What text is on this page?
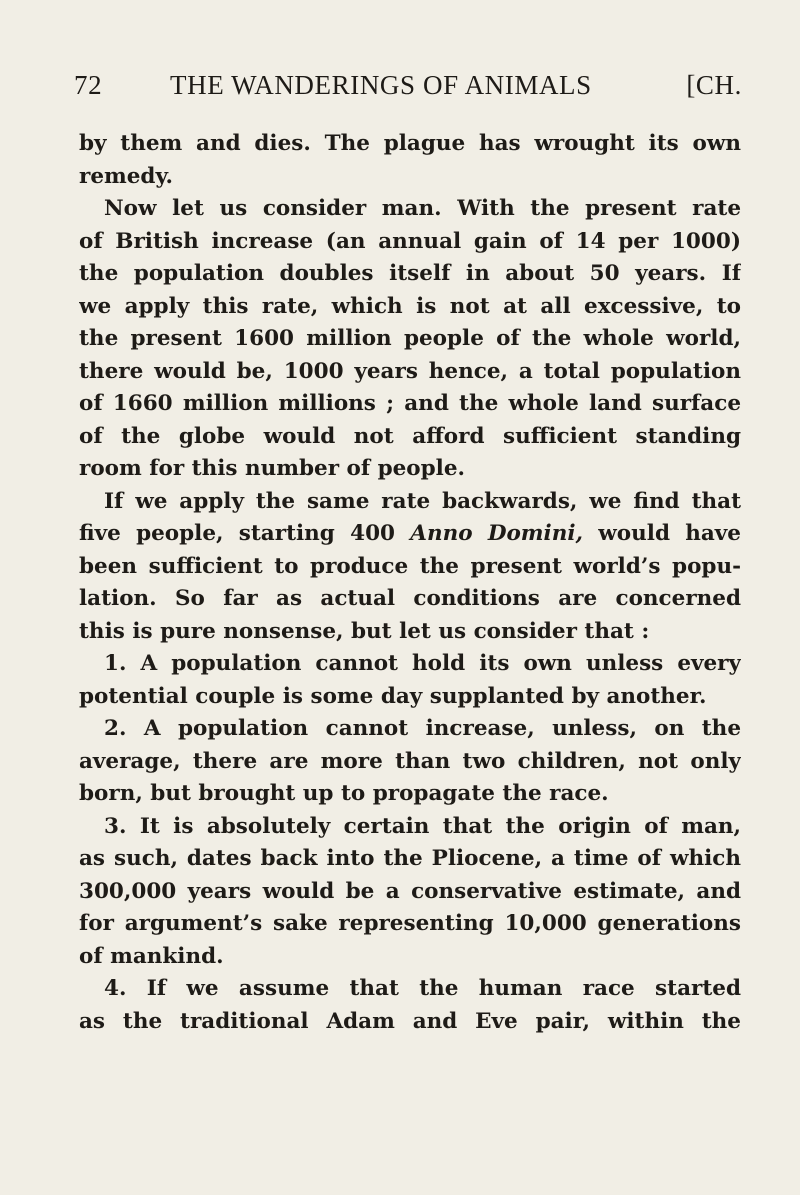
72	THE WANDERINGS OF ANIMALS	[CH.
by them and dies. The plague has wrought its own
remedy.
Now let us consider man. With the present rate
of British increase (an annual gain of 14 per 1000)
the population doubles itself in about 50 years. If
we apply this rate, which is not at all excessive, to
the present 1600 million people of the whole world,
there would be, 1000 years hence, a total population
of 1660 million millions ; and the whole land surface
of the globe would not afford sufficient standing
room for this number of people.
If we apply the same rate backwards, we find that
five people, starting 400 Anno Domini, would have
been sufficient to produce the present world’s popu-
lation. So far as actual conditions are concerned
this is pure nonsense, but let us consider that :
1. A population cannot hold its own unless every
potential couple is some day supplanted by another.
2. A population cannot increase, unless, on the
average, there are more than two children, not only
born, but brought up to propagate the race.
3. It is absolutely certain that the origin of man,
as such, dates back into the Pliocene, a time of which
300,000 years would be a conservative estimate, and
for argument’s sake representing 10,000 generations
of mankind.
4. If we assume that the human race started
as the traditional Adam and Eve pair, within the
